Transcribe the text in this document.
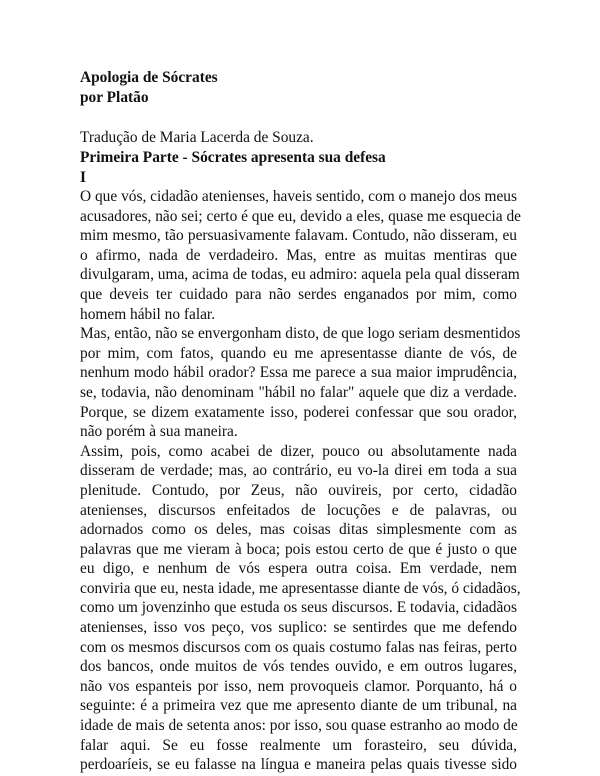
Apologia de Sócrates
por Platão
Tradução de Maria Lacerda de Souza.
Primeira Parte - Sócrates apresenta sua defesa
I
O que vós, cidadão atenienses, haveis sentido, com o manejo dos meus
acusadores, não sei; certo é que eu, devido a eles, quase me esquecia de
mim mesmo, tão persuasivamente falavam. Contudo, não disseram, eu
o afirmo, nada de verdadeiro. Mas, entre as muitas mentiras que
divulgaram, uma, acima de todas, eu admiro: aquela pela qual disseram
que deveis ter cuidado para não serdes enganados por mim, como
homem hábil no falar.
Mas, então, não se envergonham disto, de que logo seriam desmentidos
por mim, com fatos, quando eu me apresentasse diante de vós, de
nenhum modo hábil orador? Essa me parece a sua maior imprudência,
se, todavia, não denominam "hábil no falar" aquele que diz a verdade.
Porque, se dizem exatamente isso, poderei confessar que sou orador,
não porém à sua maneira.
Assim, pois, como acabei de dizer, pouco ou absolutamente nada
disseram de verdade; mas, ao contrário, eu vo-la direi em toda a sua
plenitude. Contudo, por Zeus, não ouvireis, por certo, cidadão
atenienses, discursos enfeitados de locuções e de palavras, ou
adornados como os deles, mas coisas ditas simplesmente com as
palavras que me vieram à boca; pois estou certo de que é justo o que
eu digo, e nenhum de vós espera outra coisa. Em verdade, nem
conviria que eu, nesta idade, me apresentasse diante de vós, ó cidadãos,
como um jovenzinho que estuda os seus discursos. E todavia, cidadãos
atenienses, isso vos peço, vos suplico: se sentirdes que me defendo
com os mesmos discursos com os quais costumo falas nas feiras, perto
dos bancos, onde muitos de vós tendes ouvido, e em outros lugares,
não vos espanteis por isso, nem provoqueis clamor. Porquanto, há o
seguinte: é a primeira vez que me apresento diante de um tribunal, na
idade de mais de setenta anos: por isso, sou quase estranho ao modo de
falar aqui. Se eu fosse realmente um forasteiro, seu dúvida,
perdoaríeis, se eu falasse na língua e maneira pelas quais tivesse sido
